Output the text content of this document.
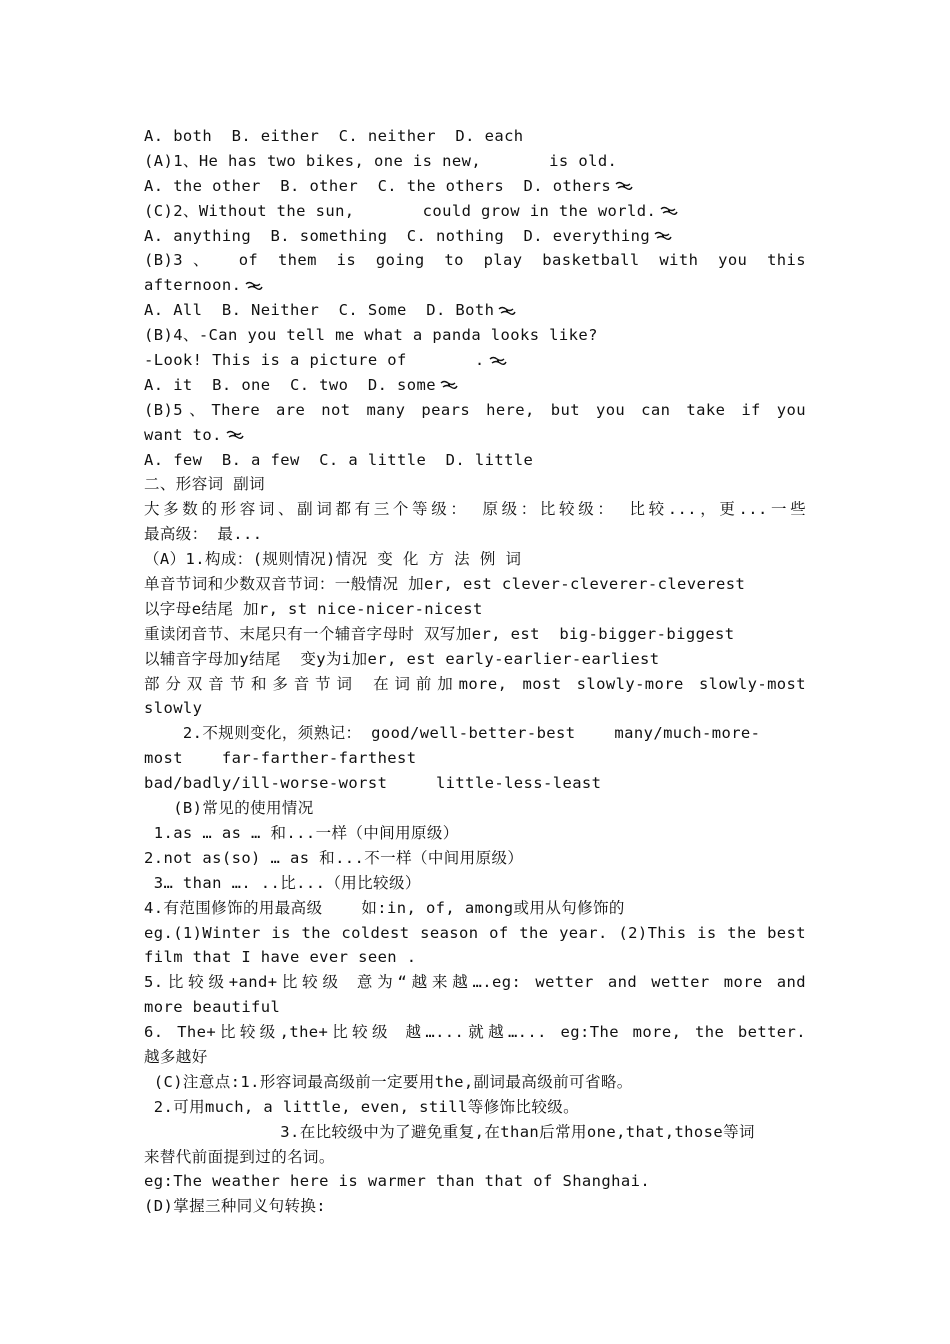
A. both  B. either  C. neither  D. each
(A)1、He has two bikes, one is new,       is old.
A. the other  B. other  C. the others  D. others
(C)2、Without the sun,       could grow in the world.
A. anything  B. something  C. nothing  D. everything
(B)3、 of them is going to play basketball with you this
afternoon.
A. All  B. Neither  C. Some  D. Both
(B)4、-Can you tell me what a panda looks like?
-Look! This is a picture of       .
A. it  B. one  C. two  D. some
(B)5、There are not many pears here, but you can take if you
want to.
A. few  B. a few  C. a little  D. little
二、形容词 副词
大多数的形容词、副词都有三个等级： 原级：比较级： 比较...，更...一些
最高级： 最...
（A）1.构成：(规则情况)情况 变 化 方 法 例 词
单音节词和少数双音节词：一般情况 加er, est clever-cleverer-cleverest
以字母e结尾 加r, st nice-nicer-nicest
重读闭音节、末尾只有一个辅音字母时 双写加er, est  big-bigger-biggest
以辅音字母加y结尾  变y为i加er, est early-earlier-earliest
部分双音节和多音节词 在词前加more, most slowly-more slowly-most
slowly
2.不规则变化，须熟记： good/well-better-best    many/much-more-
most    far-farther-farthest
bad/badly/ill-worse-worst     little-less-least
(B)常见的使用情况
1.as … as … 和...一样（中间用原级）
2.not as(so) … as 和...不一样（中间用原级）
3… than …. ..比...（用比较级）
4.有范围修饰的用最高级    如:in, of, among或用从句修饰的
eg.(1)Winter is the coldest season of the year. (2)This is the best
film that I have ever seen .
5.比较级+and+比较级 意为“越来越….eg: wetter and wetter more and
more beautiful
6. The+比较级,the+比较级 越…...就越…... eg:The more, the better.
越多越好
(C)注意点:1.形容词最高级前一定要用the,副词最高级前可省略。
2.可用much, a little, even, still等修饰比较级。
3.在比较级中为了避免重复,在than后常用one,that,those等词
来替代前面提到过的名词。
eg:The weather here is warmer than that of Shanghai.
(D)掌握三种同义句转换:
